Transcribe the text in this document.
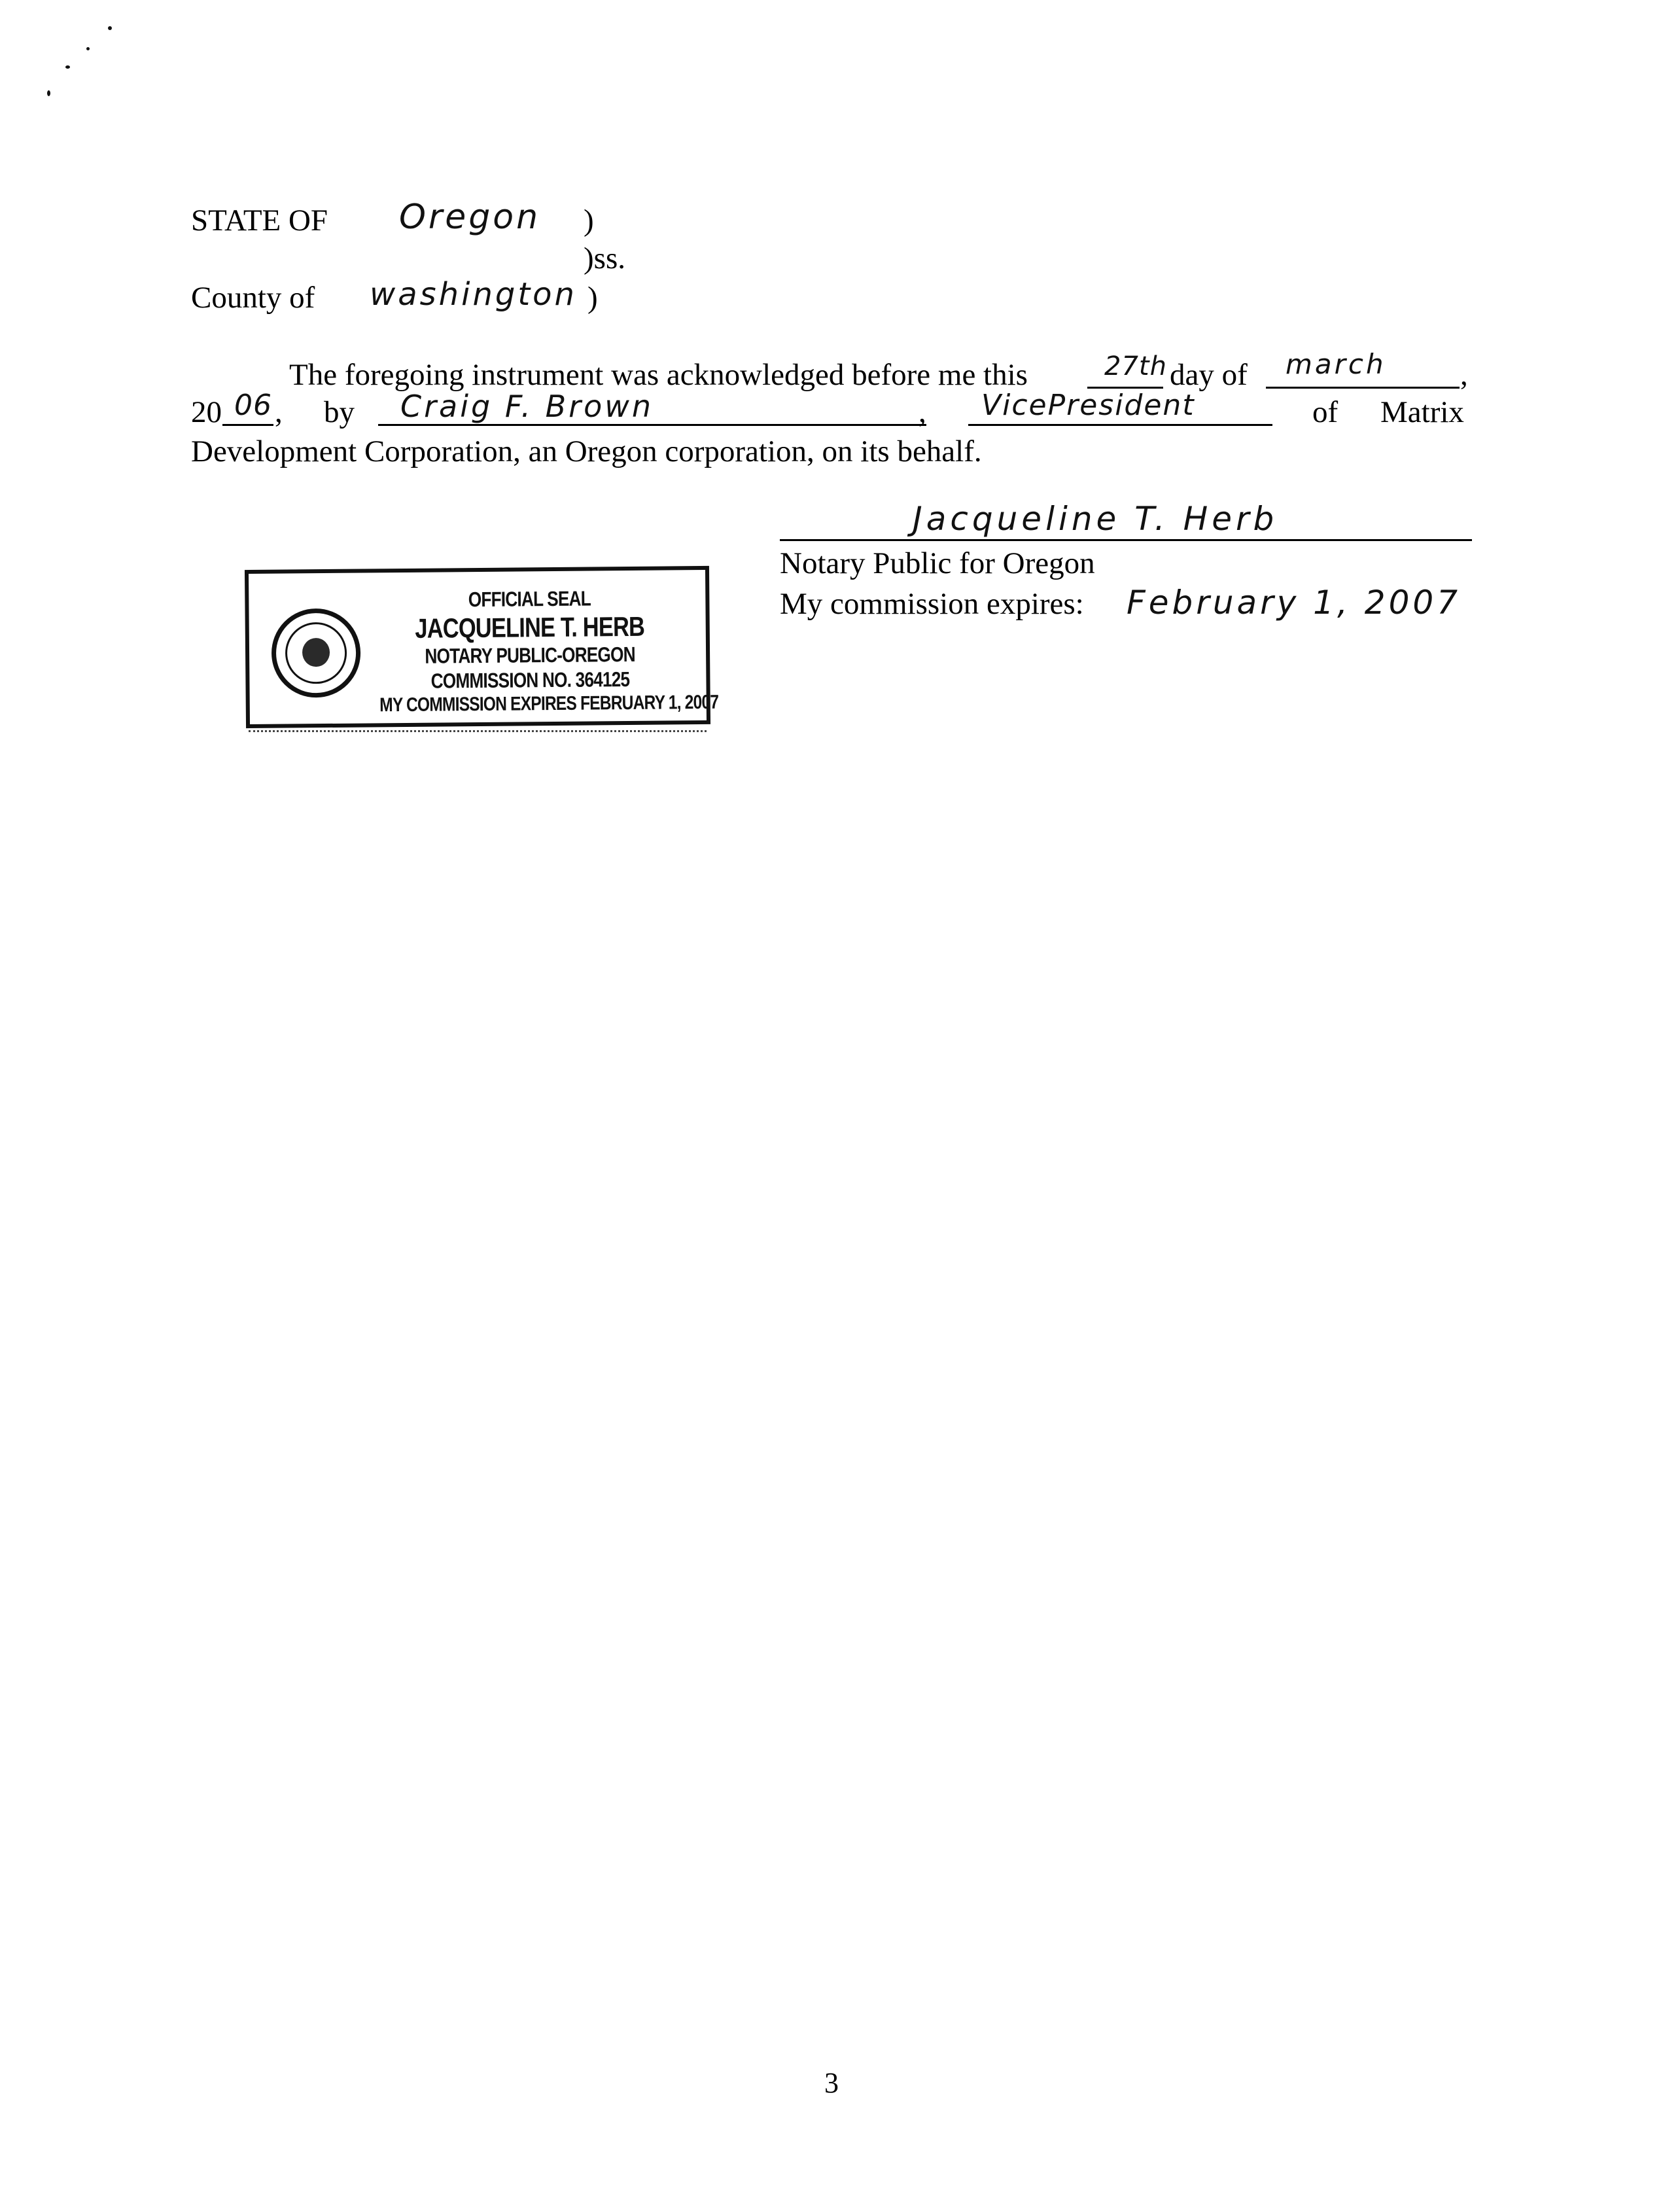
STATE OF Oregon )
)ss.
County of washington )
The foregoing instrument was acknowledged before me this	27th day of march ,
20 06 , by Craig F. Brown	, VicePresident	of Matrix
Development Corporation, an Oregon corporation, on its behalf.
Jacqueline T. Herb
Notary Public for Oregon
My commission expires: February 1, 2007
OFFICIAL SEAL
JACQUELINE T. HERB
NOTARY PUBLIC-OREGON
COMMISSION NO. 364125
MY COMMISSION EXPIRES FEBRUARY 1, 2007
3
